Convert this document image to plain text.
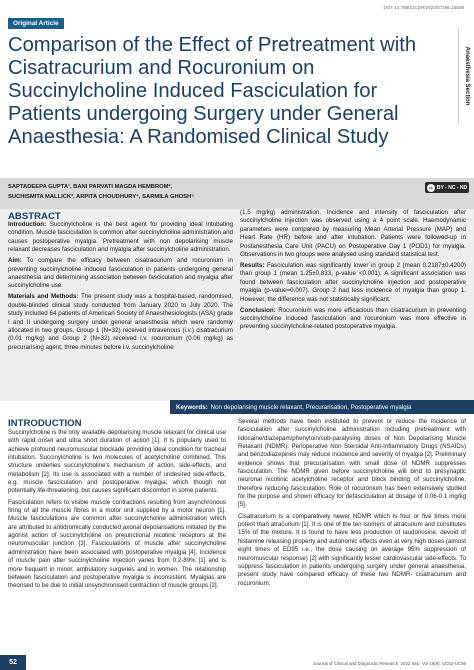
DOI: 10.7860/JCDR/2022/57396.16608
Original Article
Anaesthesia Section
Comparison of the Effect of Pretreatment with Cisatracurium and Rocuronium on Succinylcholine Induced Fasciculation for Patients undergoing Surgery under General Anaesthesia: A Randomised Clinical Study
SAPTADEEPA GUPTA¹, BANI PARVATI MAGDA HEMBROM²,
SUCHISMITA MALLICK³, ARPITA CHOUDHURY⁴, SARMILA GHOSH⁵
cc BY - NC - ND
ABSTRACT

Introduction: Succinylcholine is the best agent for providing ideal intubating condition. Muscle fasciculation is common after succinylcholine administration and causes postoperative myalgia. Pretreatment with non depolarising muscle relaxant decreases fasciculation and myalgia after succinylcholine administration.

Aim: To compare the efficacy between cisatracurium and rocuronium in preventing succinylcholine induced fasciculation in patients undergoing general anaesthesia and determining association between fasciculation and myalgia after succinylcholine use.

Materials and Methods: The present study was a hospital-based, randomised, double-blinded clinical study conducted from January 2020 to July 2020. The study included 64 patients of American Society of Anaesthesiologists (ASA) grade I and II undergoing surgery under general anaesthesia which were randomly allocated in two groups. Group 1 (N=32) received intravenous (i.v.) cisatracurium (0.01 mg/kg) and Group 2 (N=32) received i.v. rocuronium (0.06 mg/kg) as precurarising agent, three minutes before i.v. succinylcholine

(1.5 mg/kg) administration. Incidence and intensity of fasciculation after succinylcholine injection was observed using a 4 point scale. Haemodynamic parameters were compared by measuring Mean Arterial Pressure (MAP) and Heart Rate (HR) before and after intubation. Patients were followed-up in Postanesthesia Care Unit (PACU) on Postoperative Day 1 (POD1) for myalgia. Observations in two groups were analysed using standard statistical test.

Results: Fasciculation was significantly lower in group 2 (mean 0.2187±0.4200) than group 1 (mean 1.25±0.833, p-value <0.001). A significant association was found between fasciculation after succinylcholine injection and postoperative myalgia (p-value=0.007). Group 2 had less incidence of myalgia than group 1. However, the difference was not statistically significant.

Conclusion: Rocuronium was more efficacious than cisatracurium in preventing succinylcholine induced fasciculation and rocuronium was more effective in preventing succinylcholine-related postoperative myalgia.

Keywords: Non depolarising muscle relaxant, Precurarisation, Postoperative myalgia
INTRODUCTION

Succinylcholine is the only available depolarising muscle relaxant for clinical use with rapid onset and ultra short duration of action [1]. It is popularly used to achieve profound neuromuscular blockade providing ideal condition for tracheal intubation. Succinylcholine is two molecules of acetylcholine combined. This structure underlies succinylcholine's mechanism of action, side-effects, and metabolism [2]. Its use is associated with a number of undesired side-effects, e.g. muscle fasciculation and postoperative myalgia; which though not potentially life-threatening, but causes significant discomfort in some patients.

Fasciculation refers to visible muscle contractions resulting from asynchronous firing of all the muscle fibres in a motor unit supplied by a motor neuron [1]. Muscle fasciculations are common after succinylcholine administration which are attributed to antidromically conducted axonal depolarisations initiated by the agonist action of succinylcholine on prejunctional nicotinic receptors at the neuromuscular junction [3]. Fasciculations of muscle after succinylcholine administration have been associated with postoperative myalgia [4]. Incidence of muscle pain after succinylcholine injection varies from 0.2-89% [1] and is more frequent in minor, ambulatory surgeries and in women. The relationship between fasciculation and postoperative myalgia is inconsistent. Myalgias are theorised to be due to initial unsynchronised contraction of muscle groups [2].

Several methods have been instituted to prevent or reduce the incidence of fasciculation after succinylcholine administration including pretreatment with lidocaine/diazepam/phenytoin/sub-paralysing doses of Non Depolarising Muscle Relaxant (NDMR). Perioperative Non Steroidal Anti-Inflammatory Drugs (NSAIDs) and benzodiazepines may reduce incidence and severity of myalgia [2]. Preliminary evidence shows that precurarisation with small dose of NDMR suppresses fasciculation. The NDMR given before succinylcholine will bind to presynaptic neuronal nicotinic acetylcholine receptor and block binding of succinylcholine, therefore reducing fasciculation. Role of rocuronium has been extensively studied for the purpose and shown efficacy for defasciculation at dosage of 0.06-0.1 mg/kg [5].

Cisatracurium is a comparatively newer NDMR which is four or five times more potent than atracurium [1]. It is one of the ten isomers of atracurium and constitutes 15% of the mixture. It is found to have less production of laudonosine, devoid of histamine releasing property and autonomic effects even at very high doses (almost eight times of ED95 i.e., the dose causing on average 95% suppression of neuromuscular response) [2] with significantly lesser cardiovascular side-effects. To suppress fasciculation in patients undergoing surgery under general anaesthesia, present study have compared efficacy of these two NDMR- cisatracurium and rocuronium.

52	Journal of Clinical and Diagnostic Research. 2022 Sep, Vol-16(9): UC52-UC56
